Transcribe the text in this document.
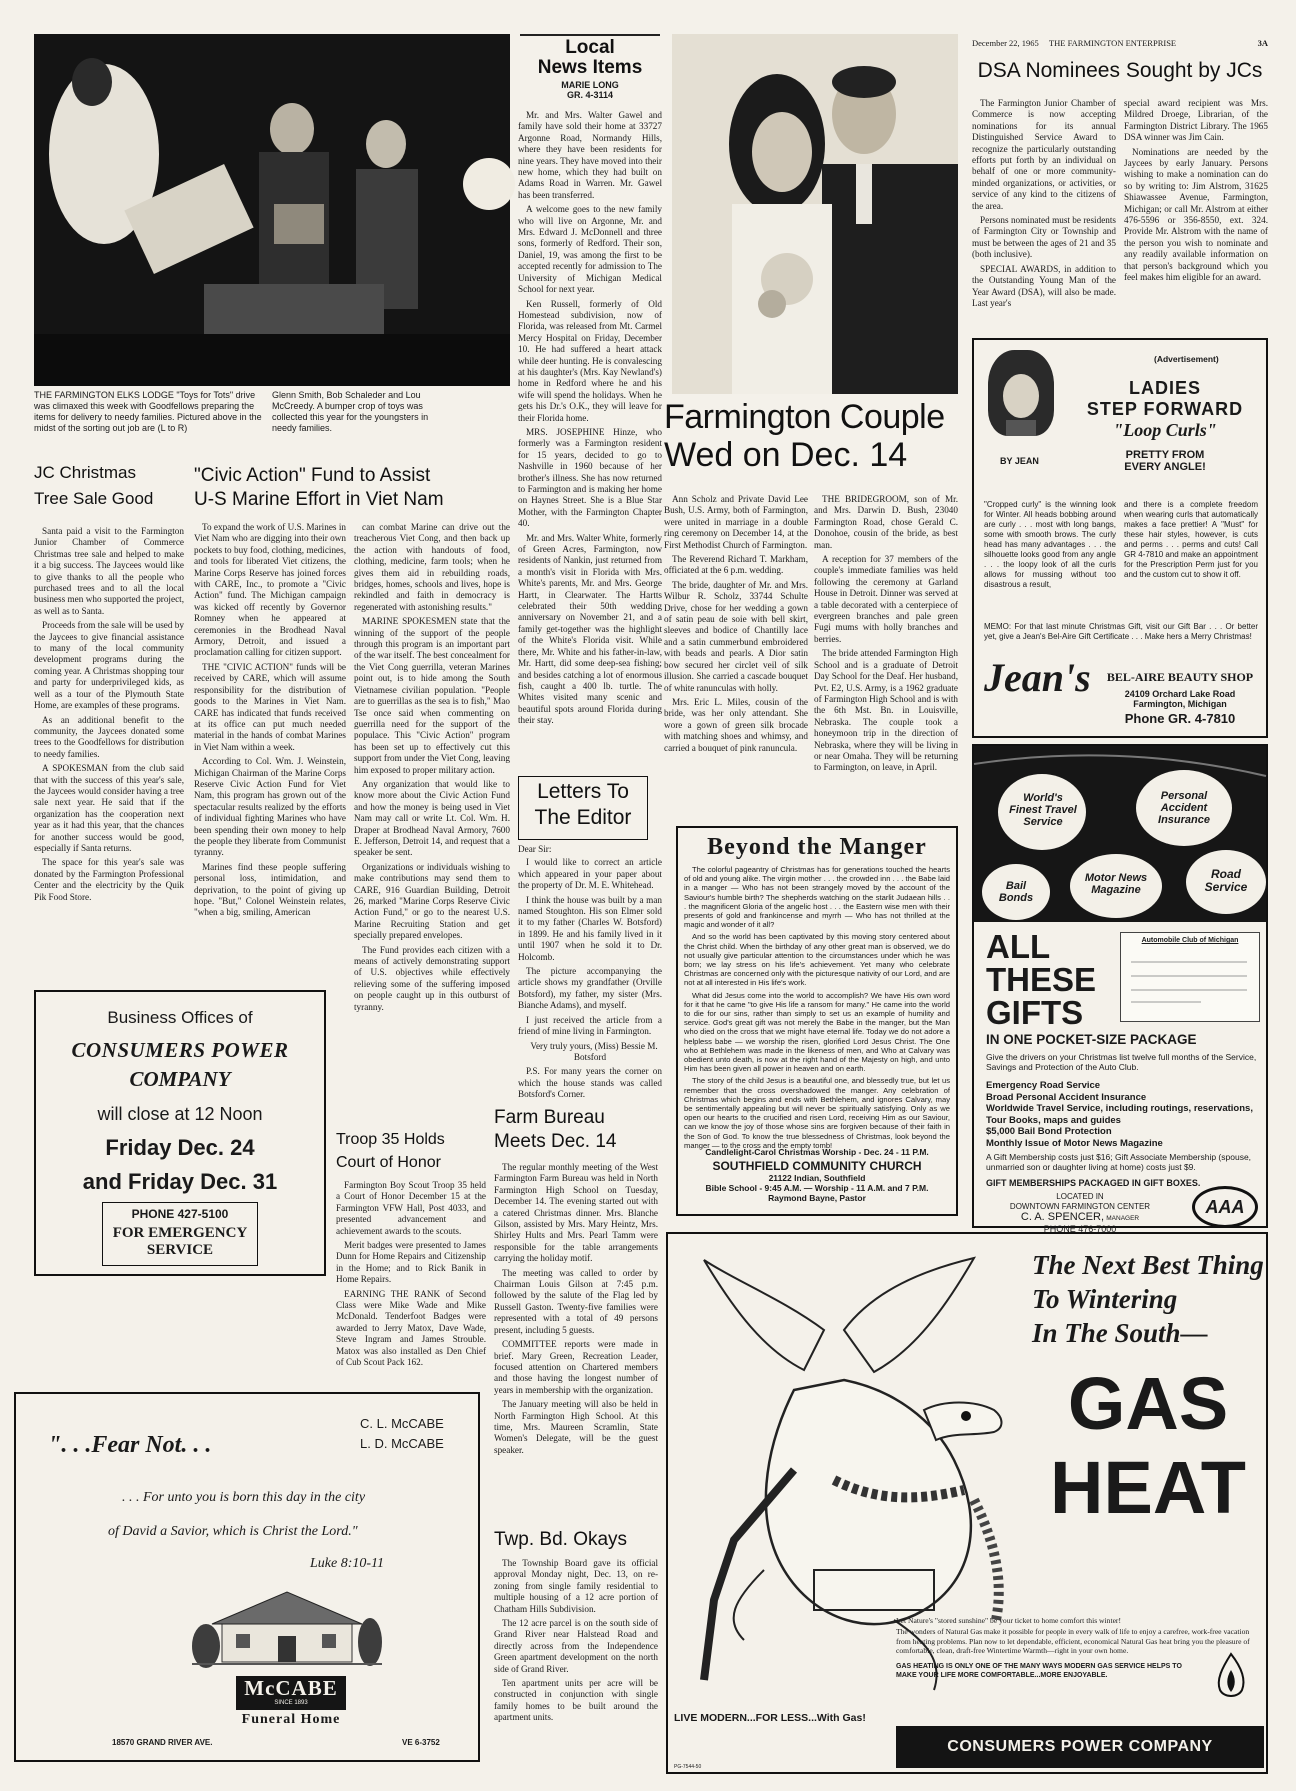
THE FARMINGTON ELKS LODGE "Toys for Tots" drive was climaxed this week with Goodfellows preparing the items for delivery to needy families. Pictured above in the midst of the sorting out job are (L to R)
Glenn Smith, Bob Schaleder and Lou McCreedy. A bumper crop of toys was collected this year for the youngsters in needy families.
Local
News Items
MARIE LONG
GR. 4-3114

Mr. and Mrs. Walter Gawel and family have sold their home at 33727 Argonne Road, Normandy Hills, where they have been residents for nine years. They have moved into their new home, which they had built on Adams Road in Warren. Mr. Gawel has been transferred.

A welcome goes to the new family who will live on Argonne, Mr. and Mrs. Edward J. McDonnell and three sons, formerly of Redford. Their son, Daniel, 19, was among the first to be accepted recently for admission to The University of Michigan Medical School for next year.

Ken Russell, formerly of Old Homestead subdivision, now of Florida, was released from Mt. Carmel Mercy Hospital on Friday, December 10. He had suffered a heart attack while deer hunting. He is convalescing at his daughter's (Mrs. Kay Newland's) home in Redford where he and his wife will spend the holidays. When he gets his Dr.'s O.K., they will leave for their Florida home.

MRS. JOSEPHINE Hinze, who formerly was a Farmington resident for 15 years, decided to go to Nashville in 1960 because of her brother's illness. She has now returned to Farmington and is making her home on Haynes Street. She is a Blue Star Mother, with the Farmington Chapter 40.

Mr. and Mrs. Walter White, formerly of Green Acres, Farmington, now residents of Nankin, just returned from a month's visit in Florida with Mrs. White's parents, Mr. and Mrs. George Hartt, in Clearwater. The Hartts celebrated their 50th wedding anniversary on November 21, and a family get-together was the highlight of the White's Florida visit. While there, Mr. White and his father-in-law, Mr. Hartt, did some deep-sea fishing; and besides catching a lot of enormous fish, caught a 400 lb. turtle. The Whites visited many scenic and beautiful spots around Florida during their stay.

December 22, 1965 THE FARMINGTON ENTERPRISE	3A
DSA Nominees Sought by JCs

The Farmington Junior Chamber of Commerce is now accepting nominations for its annual Distinguished Service Award to recognize the particularly outstanding efforts put forth by an individual on behalf of one or more community-minded organizations, or activities, or service of any kind to the citizens of the area.

Persons nominated must be residents of Farmington City or Township and must be between the ages of 21 and 35 (both inclusive).

SPECIAL AWARDS, in addition to the Outstanding Young Man of the Year Award (DSA), will also be made. Last year's

special award recipient was Mrs. Mildred Droege, Librarian, of the Farmington District Library. The 1965 DSA winner was Jim Cain.

Nominations are needed by the Jaycees by early January. Persons wishing to make a nomination can do so by writing to: Jim Alstrom, 31625 Shiawassee Avenue, Farmington, Michigan; or call Mr. Alstrom at either 476-5596 or 356-8550, ext. 324. Provide Mr. Alstrom with the name of the person you wish to nominate and any readily available information on that person's background which you feel makes him eligible for an award.

Farmington Couple
Wed on Dec. 14

Ann Scholz and Private David Lee Bush, U.S. Army, both of Farmington, were united in marriage in a double ring ceremony on December 14, at the First Methodist Church of Farmington.

The Reverend Richard T. Markham, officiated at the 6 p.m. wedding.

The bride, daughter of Mr. and Mrs. Wilbur R. Scholz, 33744 Schulte Drive, chose for her wedding a gown of satin peau de soie with bell skirt, sleeves and bodice of Chantilly lace and a satin cummerbund embroidered with beads and pearls. A Dior satin bow secured her circlet veil of silk illusion. She carried a cascade bouquet of white ranunculas with holly.

Mrs. Eric L. Miles, cousin of the bride, was her only attendant. She wore a gown of green silk brocade with matching shoes and whimsy, and carried a bouquet of pink ranuncula.

THE BRIDEGROOM, son of Mr. and Mrs. Darwin D. Bush, 23040 Farmington Road, chose Gerald C. Donohoe, cousin of the bride, as best man.

A reception for 37 members of the couple's immediate families was held following the ceremony at Garland House in Detroit. Dinner was served at a table decorated with a centerpiece of evergreen branches and pale green Fugi mums with holly branches and berries.

The bride attended Farmington High School and is a graduate of Detroit Day School for the Deaf. Her husband, Pvt. E2, U.S. Army, is a 1962 graduate of Farmington High School and is with the 6th Mst. Bn. in Louisville, Nebraska. The couple took a honeymoon trip in the direction of Nebraska, where they will be living in or near Omaha. They will be returning to Farmington, on leave, in April.

BY JEAN
(Advertisement)
LADIES
STEP FORWARD
"Loop Curls"
PRETTY FROM
EVERY ANGLE!
"Cropped curly" is the winning look for Winter. All heads bobbing around are curly . . . most with long bangs, some with smooth brows. The curly head has many advantages . . . the silhouette looks good from any angle . . . the loopy look of all the curls allows for mussing without too disastrous a result,
and there is a complete freedom when wearing curls that automatically makes a face prettier! A "Must" for these hair styles, however, is cuts and perms . . . perms and cuts! Call GR 4-7810 and make an appointment for the Prescription Perm just for you and the custom cut to show it off.
MEMO: For that last minute Christmas Gift, visit our Gift Bar . . . Or better yet, give a Jean's Bel-Aire Gift Certificate . . . Make hers a Merry Christmas!
Jean's	BEL-AIRE BEAUTY SHOP
24109 Orchard Lake Road
Farmington, Michigan
Phone GR. 4-7810
JC Christmas
Tree Sale Good

Santa paid a visit to the Farmington Junior Chamber of Commerce Christmas tree sale and helped to make it a big success. The Jaycees would like to give thanks to all the people who purchased trees and to all the local business men who supported the project, as well as to Santa.

Proceeds from the sale will be used by the Jaycees to give financial assistance to many of the local community development programs during the coming year. A Christmas shopping tour and party for underprivileged kids, as well as a tour of the Plymouth State Home, are examples of these programs.

As an additional benefit to the community, the Jaycees donated some trees to the Goodfellows for distribution to needy families.

A SPOKESMAN from the club said that with the success of this year's sale, the Jaycees would consider having a tree sale next year. He said that if the organization has the cooperation next year as it had this year, that the chances for another success would be good, especially if Santa returns.

The space for this year's sale was donated by the Farmington Professional Center and the electricity by the Quik Pik Food Store.

"Civic Action" Fund to Assist
U-S Marine Effort in Viet Nam

To expand the work of U.S. Marines in Viet Nam who are digging into their own pockets to buy food, clothing, medicines, and tools for liberated Viet citizens, the Marine Corps Reserve has joined forces with CARE, Inc., to promote a "Civic Action" fund. The Michigan campaign was kicked off recently by Governor Romney when he appeared at ceremonies in the Brodhead Naval Armory, Detroit, and issued a proclamation calling for citizen support.

THE "CIVIC ACTION" funds will be received by CARE, which will assume responsibility for the distribution of goods to the Marines in Viet Nam. CARE has indicated that funds received at its office can put much needed material in the hands of combat Marines in Viet Nam within a week.

According to Col. Wm. J. Weinstein, Michigan Chairman of the Marine Corps Reserve Civic Action Fund for Viet Nam, this program has grown out of the spectacular results realized by the efforts of individual fighting Marines who have been spending their own money to help the people they liberate from Communist tyranny.

Marines find these people suffering personal loss, intimidation, and deprivation, to the point of giving up hope. "But," Colonel Weinstein relates, "when a big, smiling, American

can combat Marine can drive out the treacherous Viet Cong, and then back up the action with handouts of food, clothing, medicine, farm tools; when he gives them aid in rebuilding roads, bridges, homes, schools and lives, hope is rekindled and faith in democracy is regenerated with astonishing results."

MARINE SPOKESMEN state that the winning of the support of the people through this program is an important part of the war itself. The best concealment for the Viet Cong guerrilla, veteran Marines point out, is to hide among the South Vietnamese civilian population. "People are to guerrillas as the sea is to fish," Mao Tse once said when commenting on guerrilla need for the support of the populace. This "Civic Action" program has been set up to effectively cut this support from under the Viet Cong, leaving him exposed to proper military action.

Any organization that would like to know more about the Civic Action Fund and how the money is being used in Viet Nam may call or write Lt. Col. Wm. H. Draper at Brodhead Naval Armory, 7600 E. Jefferson, Detroit 14, and request that a speaker be sent.

Organizations or individuals wishing to make contributions may send them to CARE, 916 Guardian Building, Detroit 26, marked "Marine Corps Reserve Civic Action Fund," or go to the nearest U.S. Marine Recruiting Station and get specially prepared envelopes.

The Fund provides each citizen with a means of actively demonstrating support of U.S. objectives while effectively relieving some of the suffering imposed on people caught up in this outburst of tyranny.

Letters To
The Editor
Dear Sir:

I would like to correct an article which appeared in your paper about the property of Dr. M. E. Whitehead.

I think the house was built by a man named Stoughton. His son Elmer sold it to my father (Charles W. Botsford) in 1899. He and his family lived in it until 1907 when he sold it to Dr. Holcomb.

The picture accompanying the article shows my grandfather (Orville Botsford), my father, my sister (Mrs. Bianche Adams), and myself.

I just received the article from a friend of mine living in Farmington.

Very truly yours, (Miss) Bessie M. Botsford

P.S. For many years the corner on which the house stands was called Botsford's Corner.

Beyond the Manger

The colorful pageantry of Christmas has for generations touched the hearts of old and young alike. The virgin mother . . . the crowded inn . . . the Babe laid in a manger — Who has not been strangely moved by the account of the Saviour's humble birth? The shepherds watching on the starlit Judaean hills . . . the magnificent Gloria of the angelic host . . . the Eastern wise men with their presents of gold and frankincense and myrrh — Who has not thrilled at the magic and wonder of it all?

And so the world has been captivated by this moving story centered about the Christ child. When the birthday of any other great man is observed, we do not usually give particular attention to the circumstances under which he was born; we lay stress on his life's achievement. Yet many who celebrate Christmas are concerned only with the picturesque nativity of our Lord, and are not at all interested in His life's work.

What did Jesus come into the world to accomplish? We have His own word for it that he came "to give His life a ransom for many." He came into the world to die for our sins, rather than simply to set us an example of humility and service. God's great gift was not merely the Babe in the manger, but the Man who died on the cross that we might have eternal life. Today we do not adore a helpless babe — we worship the risen, glorified Lord Jesus Christ. The One who at Bethlehem was made in the likeness of men, and Who at Calvary was obedient unto death, is now at the right hand of the Majesty on high, and unto Him has been given all power in heaven and on earth.

The story of the child Jesus is a beautiful one, and blessedly true, but let us remember that the cross overshadowed the manger. Any celebration of Christmas which begins and ends with Bethlehem, and ignores Calvary, may be sentimentally appealing but will never be spiritually satisfying. Only as we open our hearts to the crucified and risen Lord, receiving Him as our Saviour, can we know the joy of those whose sins are forgiven because of their faith in the Son of God. To know the true blessedness of Christmas, look beyond the manger — to the cross and the empty tomb!

Candlelight-Carol Christmas Worship - Dec. 24 - 11 P.M.
SOUTHFIELD COMMUNITY CHURCH
21122 Indian, Southfield
Bible School - 9:45 A.M. — Worship - 11 A.M. and 7 P.M.
Raymond Bayne, Pastor
World's Finest Travel Service
Personal Accident Insurance
Road Service
Bail Bonds
Motor News Magazine
ALL
THESE
GIFTS
Automobile Club of Michigan
IN ONE POCKET-SIZE PACKAGE
Give the drivers on your Christmas list twelve full months of the Service, Savings and Protection of the Auto Club.
Emergency Road Service
Broad Personal Accident Insurance
Worldwide Travel Service, including routings, reservations, Tour Books, maps and guides
$5,000 Bail Bond Protection
Monthly Issue of Motor News Magazine
A Gift Membership costs just $16; Gift Associate Membership (spouse, unmarried son or daughter living at home) costs just $9.
GIFT MEMBERSHIPS PACKAGED IN GIFT BOXES.
LOCATED IN
DOWNTOWN FARMINGTON CENTER
C. A. SPENCER, MANAGER
PHONE 476-7000
AAA
Business Offices of
CONSUMERS POWER
COMPANY
will close at 12 Noon
Friday Dec. 24
and Friday Dec. 31
PHONE 427-5100
FOR EMERGENCY
SERVICE
Troop 35 Holds
Court of Honor

Farmington Boy Scout Troop 35 held a Court of Honor December 15 at the Farmington VFW Hall, Post 4033, and presented advancement and achievement awards to the scouts.

Merit badges were presented to James Dunn for Home Repairs and Citizenship in the Home; and to Rick Banik in Home Repairs.

EARNING THE RANK of Second Class were Mike Wade and Mike McDonald. Tenderfoot Badges were awarded to Jerry Matox, Dave Wade, Steve Ingram and James Strouble. Matox was also installed as Den Chief of Cub Scout Pack 162.

Farm Bureau
Meets Dec. 14

The regular monthly meeting of the West Farmington Farm Bureau was held in North Farmington High School on Tuesday, December 14. The evening started out with a catered Christmas dinner. Mrs. Blanche Gilson, assisted by Mrs. Mary Heintz, Mrs. Shirley Hults and Mrs. Pearl Tamm were responsible for the table arrangements carrying the holiday motif.

The meeting was called to order by Chairman Louis Gilson at 7:45 p.m. followed by the salute of the Flag led by Russell Gaston. Twenty-five families were represented with a total of 49 persons present, including 5 guests.

COMMITTEE reports were made in brief. Mary Green, Recreation Leader, focused attention on Chartered members and those having the longest number of years in membership with the organization.

The January meeting will also be held in North Farmington High School. At this time, Mrs. Maureen Scramlin, State Women's Delegate, will be the guest speaker.

Twp. Bd. Okays

The Township Board gave its official approval Monday night, Dec. 13, on re-zoning from single family residential to multiple housing of a 12 acre portion of Chatham Hills Subdivision.

The 12 acre parcel is on the south side of Grand River near Halstead Road and directly across from the Independence Green apartment development on the north side of Grand River.

Ten apartment units per acre will be constructed in conjunction with single family homes to be built around the apartment units.

C. L. McCABE
L. D. McCABE
". . .Fear Not. . .
. . . For unto you is born this day in the city
of David a Savior, which is Christ the Lord."
Luke 8:10-11
McCABE
SINCE 1893
Funeral Home
18570 GRAND RIVER AVE.	VE 6-3752
The Next Best Thing
To Wintering
In The South—
GAS
HEAT
Let Nature's "stored sunshine" be your ticket to home comfort this winter!
The wonders of Natural Gas make it possible for people in every walk of life to enjoy a carefree, work-free vacation from heating problems. Plan now to let dependable, efficient, economical Natural Gas heat bring you the pleasure of comfortable, clean, draft-free Wintertime Warmth—right in your own home.
GAS HEATING IS ONLY ONE OF THE MANY WAYS MODERN GAS SERVICE HELPS TO MAKE YOUR LIFE MORE COMFORTABLE...MORE ENJOYABLE.
LIVE MODERN...FOR LESS...With Gas!
PG-7544-50
CONSUMERS POWER COMPANY
